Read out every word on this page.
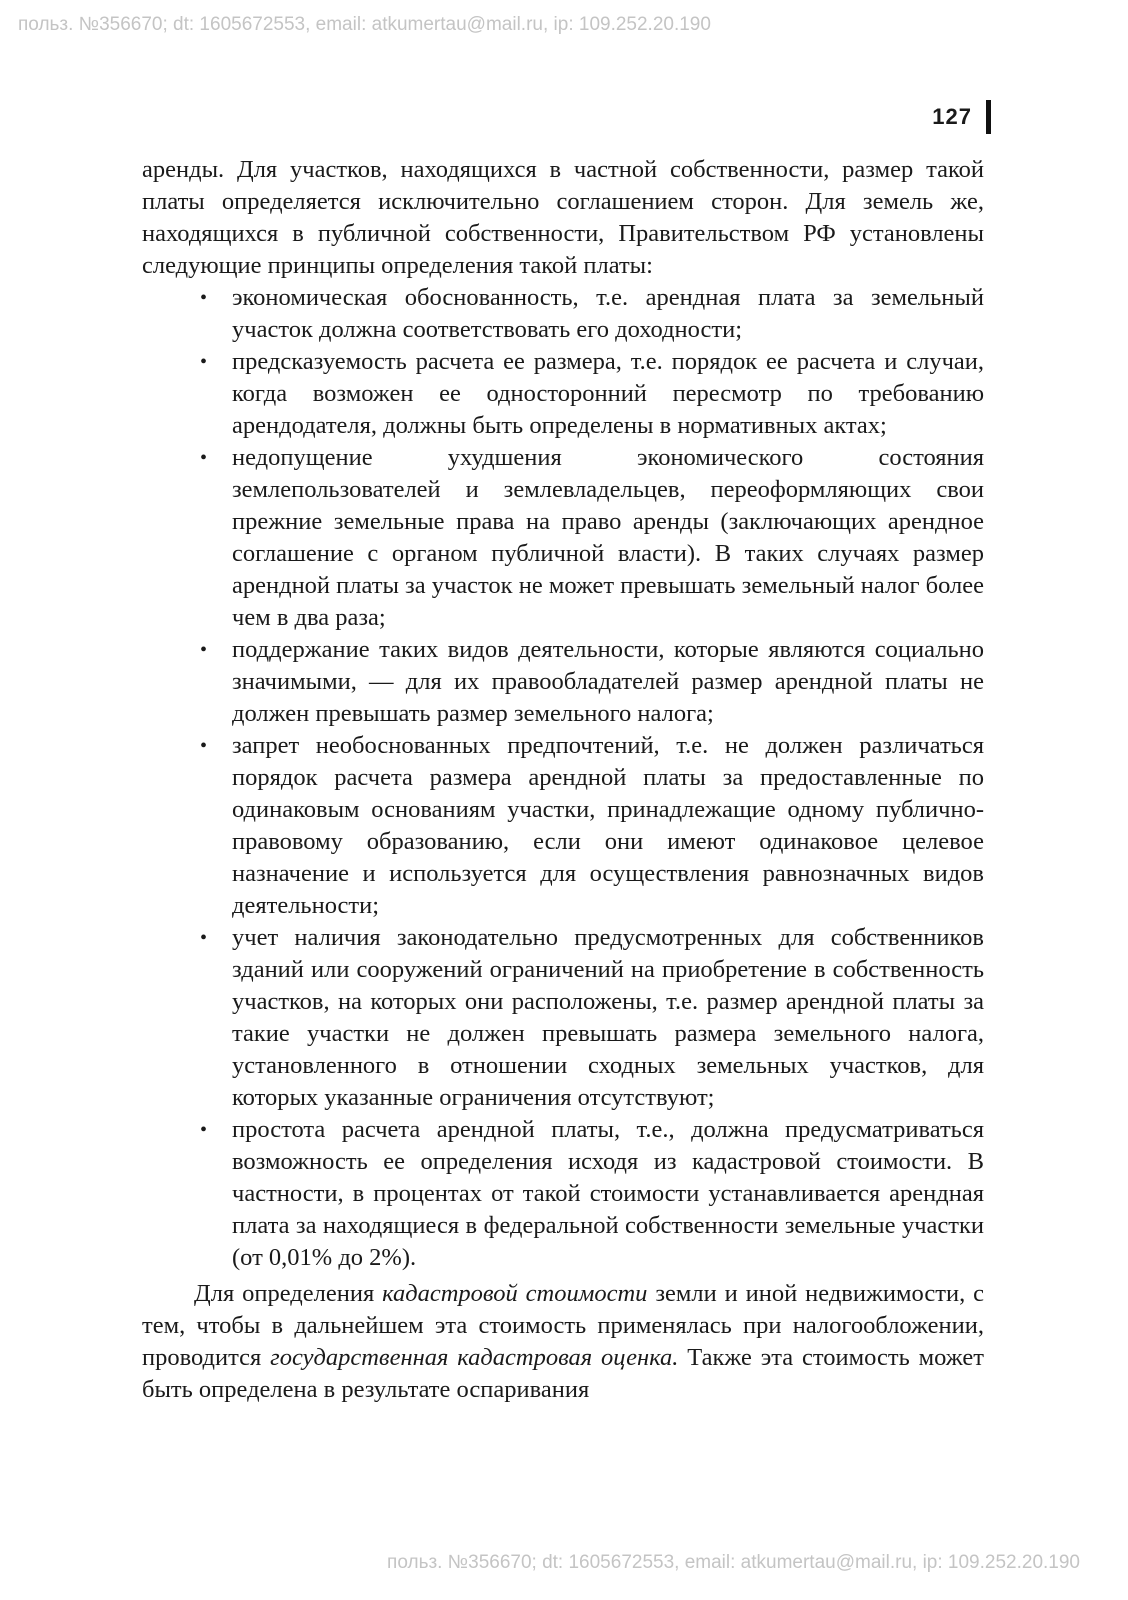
польз. №356670; dt: 1605672553, email: atkumertau@mail.ru, ip: 109.252.20.190
127

аренды. Для участков, находящихся в частной собственности, размер такой платы определяется исключительно соглашением сторон. Для земель же, находящихся в публичной собственности, Правительством РФ установлены следующие принципы определения такой платы:

• экономическая обоснованность, т.е. арендная плата за земельный участок должна соответствовать его доходности;
• предсказуемость расчета ее размера, т.е. порядок ее расчета и случаи, когда возможен ее односторонний пересмотр по требованию арендодателя, должны быть определены в нормативных актах;
• недопущение ухудшения экономического состояния землепользователей и землевладельцев, переоформляющих свои прежние земельные права на право аренды (заключающих арендное соглашение с органом публичной власти). В таких случаях размер арендной платы за участок не может превышать земельный налог более чем в два раза;
• поддержание таких видов деятельности, которые являются социально значимыми, — для их правообладателей размер арендной платы не должен превышать размер земельного налога;
• запрет необоснованных предпочтений, т.е. не должен различаться порядок расчета размера арендной платы за предоставленные по одинаковым основаниям участки, принадлежащие одному публично-правовому образованию, если они имеют одинаковое целевое назначение и используется для осуществления равнозначных видов деятельности;
• учет наличия законодательно предусмотренных для собственников зданий или сооружений ограничений на приобретение в собственность участков, на которых они расположены, т.е. размер арендной платы за такие участки не должен превышать размера земельного налога, установленного в отношении сходных земельных участков, для которых указанные ограничения отсутствуют;
• простота расчета арендной платы, т.е., должна предусматриваться возможность ее определения исходя из кадастровой стоимости. В частности, в процентах от такой стоимости устанавливается арендная плата за находящиеся в федеральной собственности земельные участки (от 0,01% до 2%).

Для определения кадастровой стоимости земли и иной недвижимости, с тем, чтобы в дальнейшем эта стоимость применялась при налогообложении, проводится государственная кадастровая оценка. Также эта стоимость может быть определена в результате оспаривания

польз. №356670; dt: 1605672553, email: atkumertau@mail.ru, ip: 109.252.20.190
